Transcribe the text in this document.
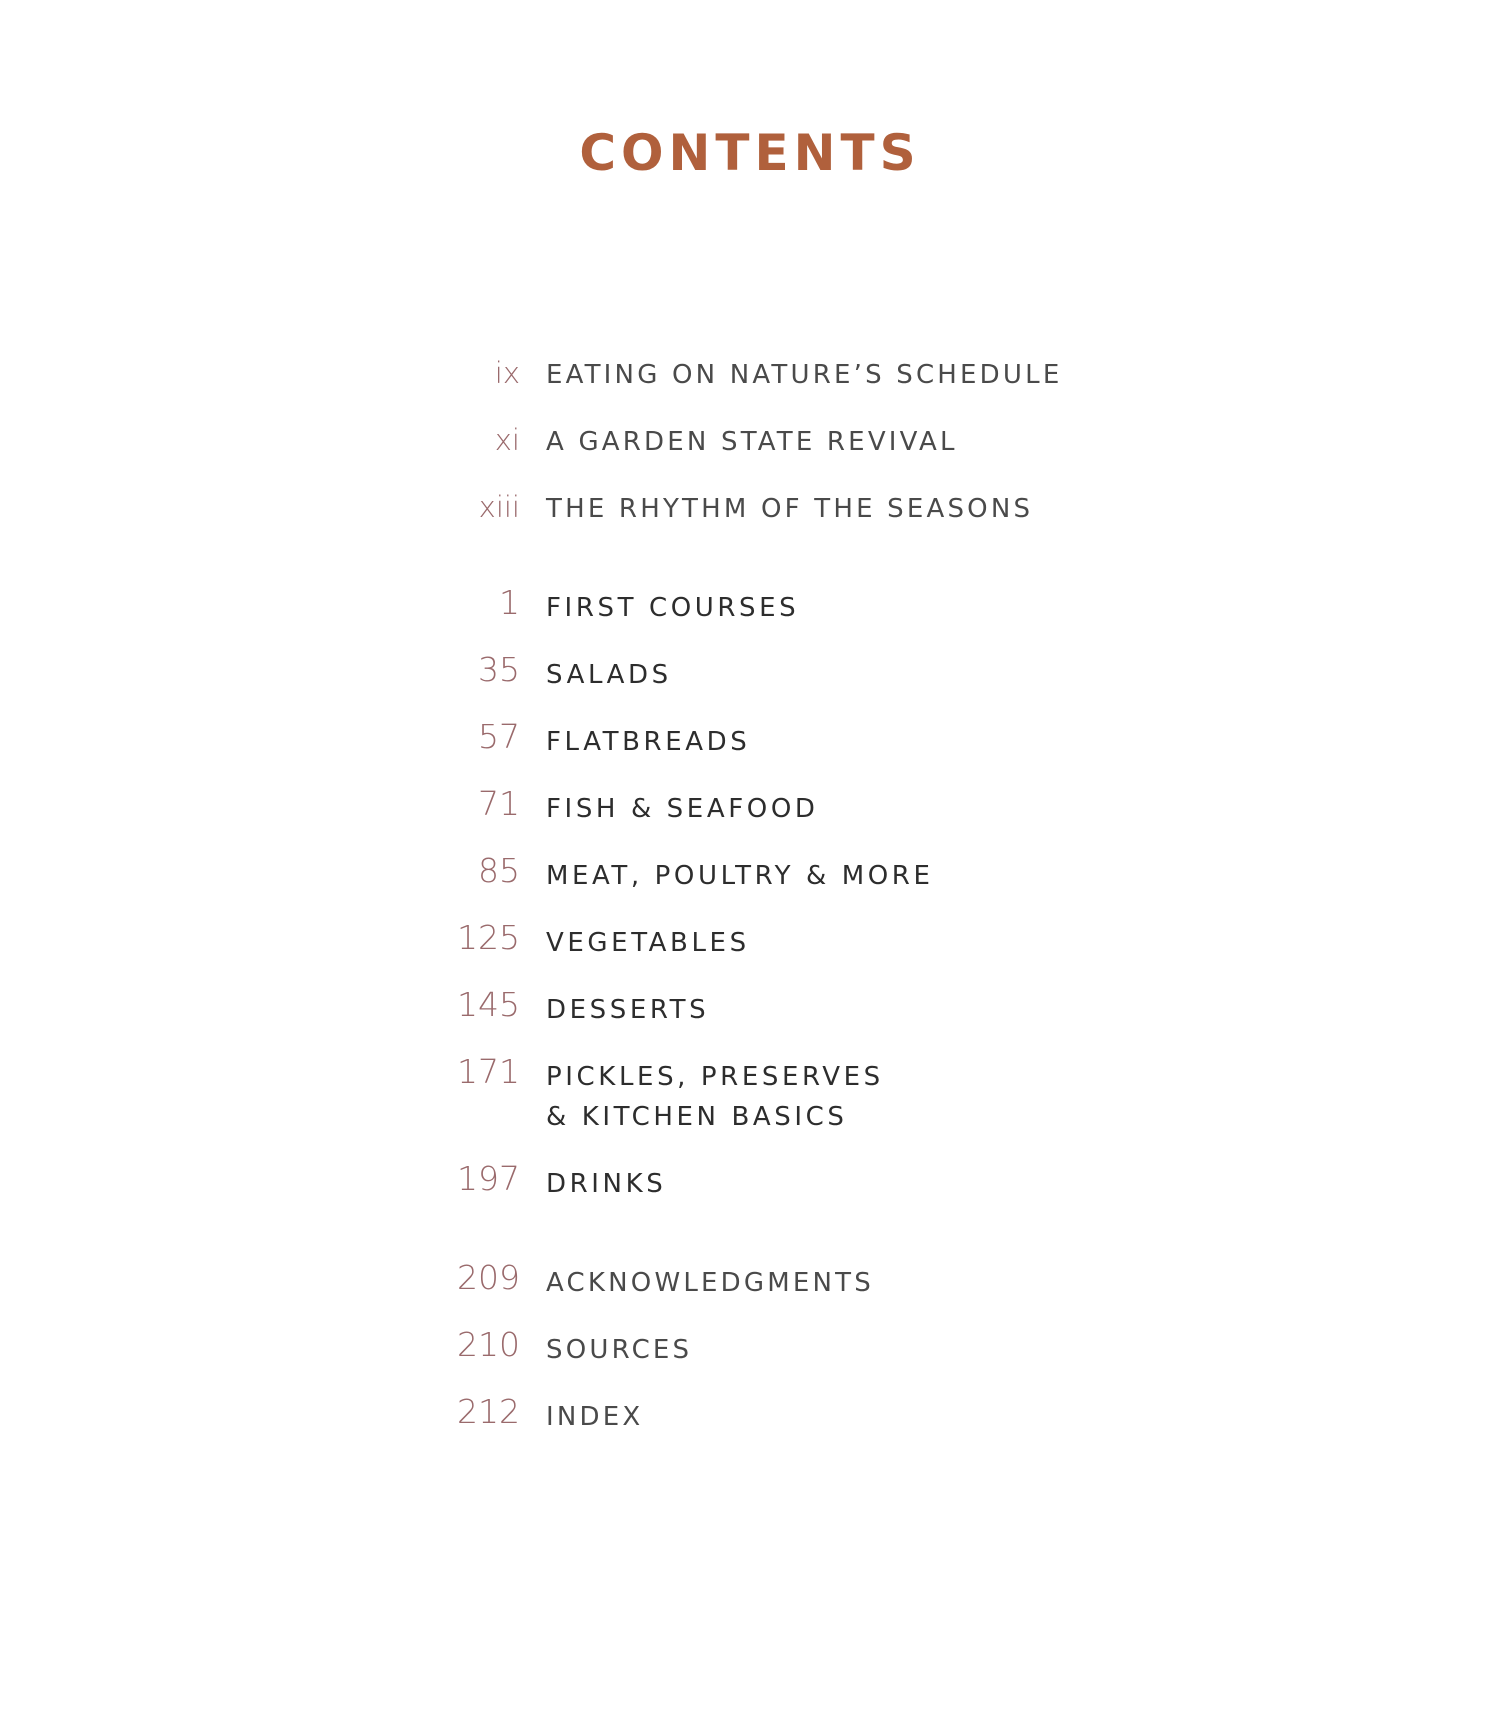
CONTENTS
ix EATING ON NATURE’S SCHEDULE
xi A GARDEN STATE REVIVAL
xiii THE RHYTHM OF THE SEASONS
1 FIRST COURSES
35 SALADS
57 FLATBREADS
71 FISH & SEAFOOD
85 MEAT, POULTRY & MORE
125 VEGETABLES
145 DESSERTS
171 PICKLES, PRESERVES
& KITCHEN BASICS
197 DRINKS
209 ACKNOWLEDGMENTS
210 SOURCES
212 INDEX
